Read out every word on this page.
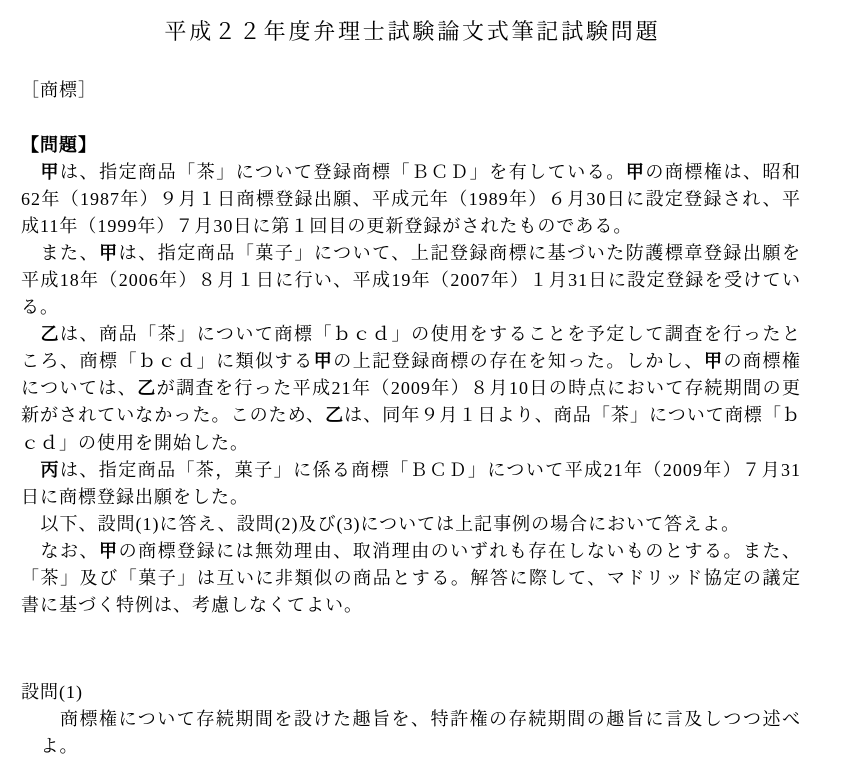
平成２２年度弁理士試験論文式筆記試験問題
［商標］
【問題】
甲は、指定商品「茶」について登録商標「ＢＣＤ」を有している。甲の商標権は、昭和
62年（1987年）９月１日商標登録出願、平成元年（1989年）６月30日に設定登録され、平
成11年（1999年）７月30日に第１回目の更新登録がされたものである。
また、甲は、指定商品「菓子」について、上記登録商標に基づいた防護標章登録出願を
平成18年（2006年）８月１日に行い、平成19年（2007年）１月31日に設定登録を受けてい
る。
乙は、商品「茶」について商標「ｂｃｄ」の使用をすることを予定して調査を行ったと
ころ、商標「ｂｃｄ」に類似する甲の上記登録商標の存在を知った。しかし、甲の商標権
については、乙が調査を行った平成21年（2009年）８月10日の時点において存続期間の更
新がされていなかった。このため、乙は、同年９月１日より、商品「茶」について商標「ｂ
ｃｄ」の使用を開始した。
丙は、指定商品「茶，菓子」に係る商標「ＢＣＤ」について平成21年（2009年）７月31
日に商標登録出願をした。
以下、設問(1)に答え、設問(2)及び(3)については上記事例の場合において答えよ。
なお、甲の商標登録には無効理由、取消理由のいずれも存在しないものとする。また、
「茶」及び「菓子」は互いに非類似の商品とする。解答に際して、マドリッド協定の議定
書に基づく特例は、考慮しなくてよい。
設問(1)
商標権について存続期間を設けた趣旨を、特許権の存続期間の趣旨に言及しつつ述べ
よ。
